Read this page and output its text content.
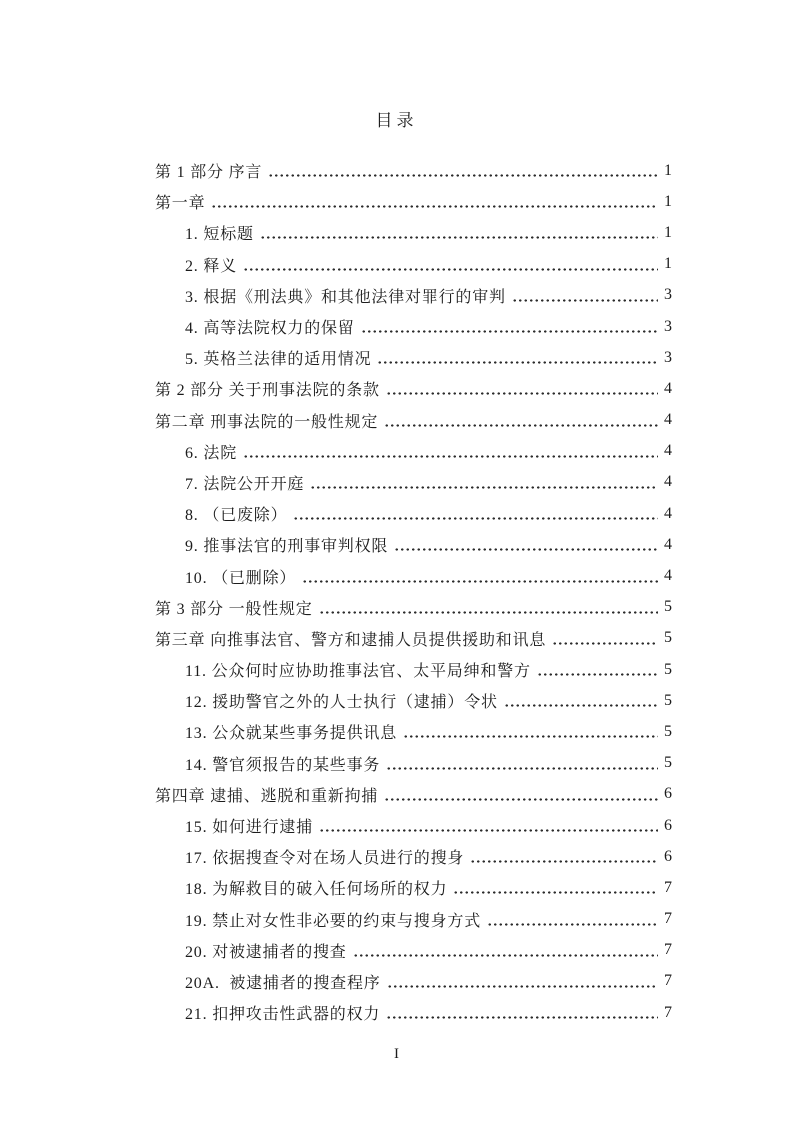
目录
第 1 部分 序言	1
第一章	1
1. 短标题	1
2. 释义	1
3. 根据《刑法典》和其他法律对罪行的审判	3
4. 高等法院权力的保留	3
5. 英格兰法律的适用情况	3
第 2 部分 关于刑事法院的条款	4
第二章 刑事法院的一般性规定	4
6. 法院	4
7. 法院公开开庭	4
8. （已废除）	4
9. 推事法官的刑事审判权限	4
10. （已删除）	4
第 3 部分 一般性规定	5
第三章 向推事法官、警方和逮捕人员提供援助和讯息	5
11. 公众何时应协助推事法官、太平局绅和警方	5
12. 援助警官之外的人士执行（逮捕）令状	5
13. 公众就某些事务提供讯息	5
14. 警官须报告的某些事务	5
第四章 逮捕、逃脱和重新拘捕	6
15. 如何进行逮捕	6
17. 依据搜查令对在场人员进行的搜身	6
18. 为解救目的破入任何场所的权力	7
19. 禁止对女性非必要的约束与搜身方式	7
20. 对被逮捕者的搜查	7
20A.  被逮捕者的搜查程序	7
21. 扣押攻击性武器的权力	7
I
